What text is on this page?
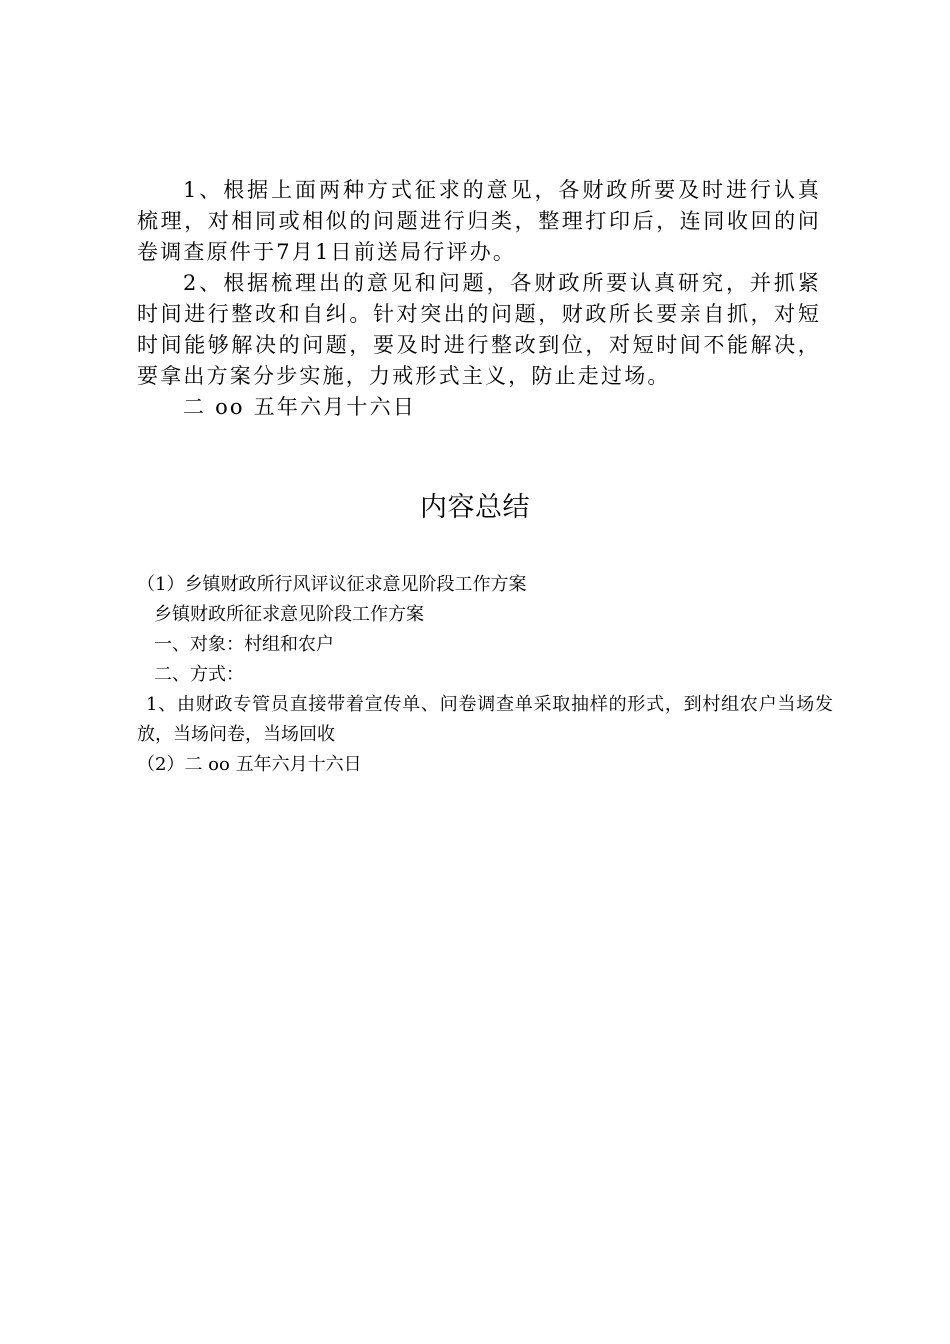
1、根据上面两种方式征求的意见，各财政所要及时进行认真梳理，对相同或相似的问题进行归类，整理打印后，连同收回的问卷调查原件于7月1日前送局行评办。

2、根据梳理出的意见和问题，各财政所要认真研究，并抓紧时间进行整改和自纠。针对突出的问题，财政所长要亲自抓，对短时间能够解决的问题，要及时进行整改到位，对短时间不能解决，要拿出方案分步实施，力戒形式主义，防止走过场。

二 oo 五年六月十六日

内容总结

（1）乡镇财政所行风评议征求意见阶段工作方案

乡镇财政所征求意见阶段工作方案

一、对象：村组和农户

二、方式：

1、由财政专管员直接带着宣传单、问卷调查单采取抽样的形式，到村组农户当场发放，当场问卷，当场回收

（2）二 oo 五年六月十六日
